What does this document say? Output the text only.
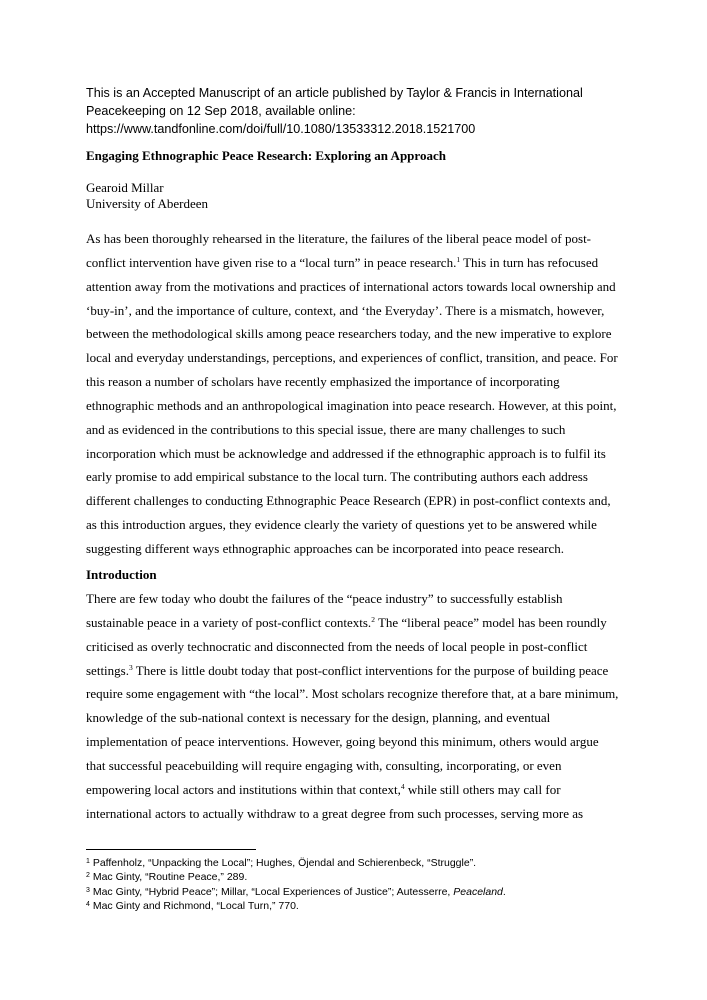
This is an Accepted Manuscript of an article published by Taylor & Francis in International
Peacekeeping on 12 Sep 2018, available online:
https://www.tandfonline.com/doi/full/10.1080/13533312.2018.1521700
Engaging Ethnographic Peace Research: Exploring an Approach
Gearoid Millar
University of Aberdeen
As has been thoroughly rehearsed in the literature, the failures of the liberal peace model of post-
conflict intervention have given rise to a “local turn” in peace research.$^1$ This in turn has refocused
attention away from the motivations and practices of international actors towards local ownership and
‘buy-in’, and the importance of culture, context, and ‘the Everyday’. There is a mismatch, however,
between the methodological skills among peace researchers today, and the new imperative to explore
local and everyday understandings, perceptions, and experiences of conflict, transition, and peace. For
this reason a number of scholars have recently emphasized the importance of incorporating
ethnographic methods and an anthropological imagination into peace research. However, at this point,
and as evidenced in the contributions to this special issue, there are many challenges to such
incorporation which must be acknowledge and addressed if the ethnographic approach is to fulfil its
early promise to add empirical substance to the local turn. The contributing authors each address
different challenges to conducting Ethnographic Peace Research (EPR) in post-conflict contexts and,
as this introduction argues, they evidence clearly the variety of questions yet to be answered while
suggesting different ways ethnographic approaches can be incorporated into peace research.
Introduction
There are few today who doubt the failures of the “peace industry” to successfully establish
sustainable peace in a variety of post-conflict contexts.$^2$ The “liberal peace” model has been roundly
criticised as overly technocratic and disconnected from the needs of local people in post-conflict
settings.$^3$ There is little doubt today that post-conflict interventions for the purpose of building peace
require some engagement with “the local”. Most scholars recognize therefore that, at a bare minimum,
knowledge of the sub-national context is necessary for the design, planning, and eventual
implementation of peace interventions. However, going beyond this minimum, others would argue
that successful peacebuilding will require engaging with, consulting, incorporating, or even
empowering local actors and institutions within that context,$^4$ while still others may call for
international actors to actually withdraw to a great degree from such processes, serving more as
$^1$ Paffenholz, “Unpacking the Local”; Hughes, Öjendal and Schierenbeck, “Struggle”.
$^2$ Mac Ginty, “Routine Peace,” 289.
$^3$ Mac Ginty, “Hybrid Peace”; Millar, “Local Experiences of Justice”; Autesserre, Peaceland.
$^4$ Mac Ginty and Richmond, “Local Turn,” 770.
